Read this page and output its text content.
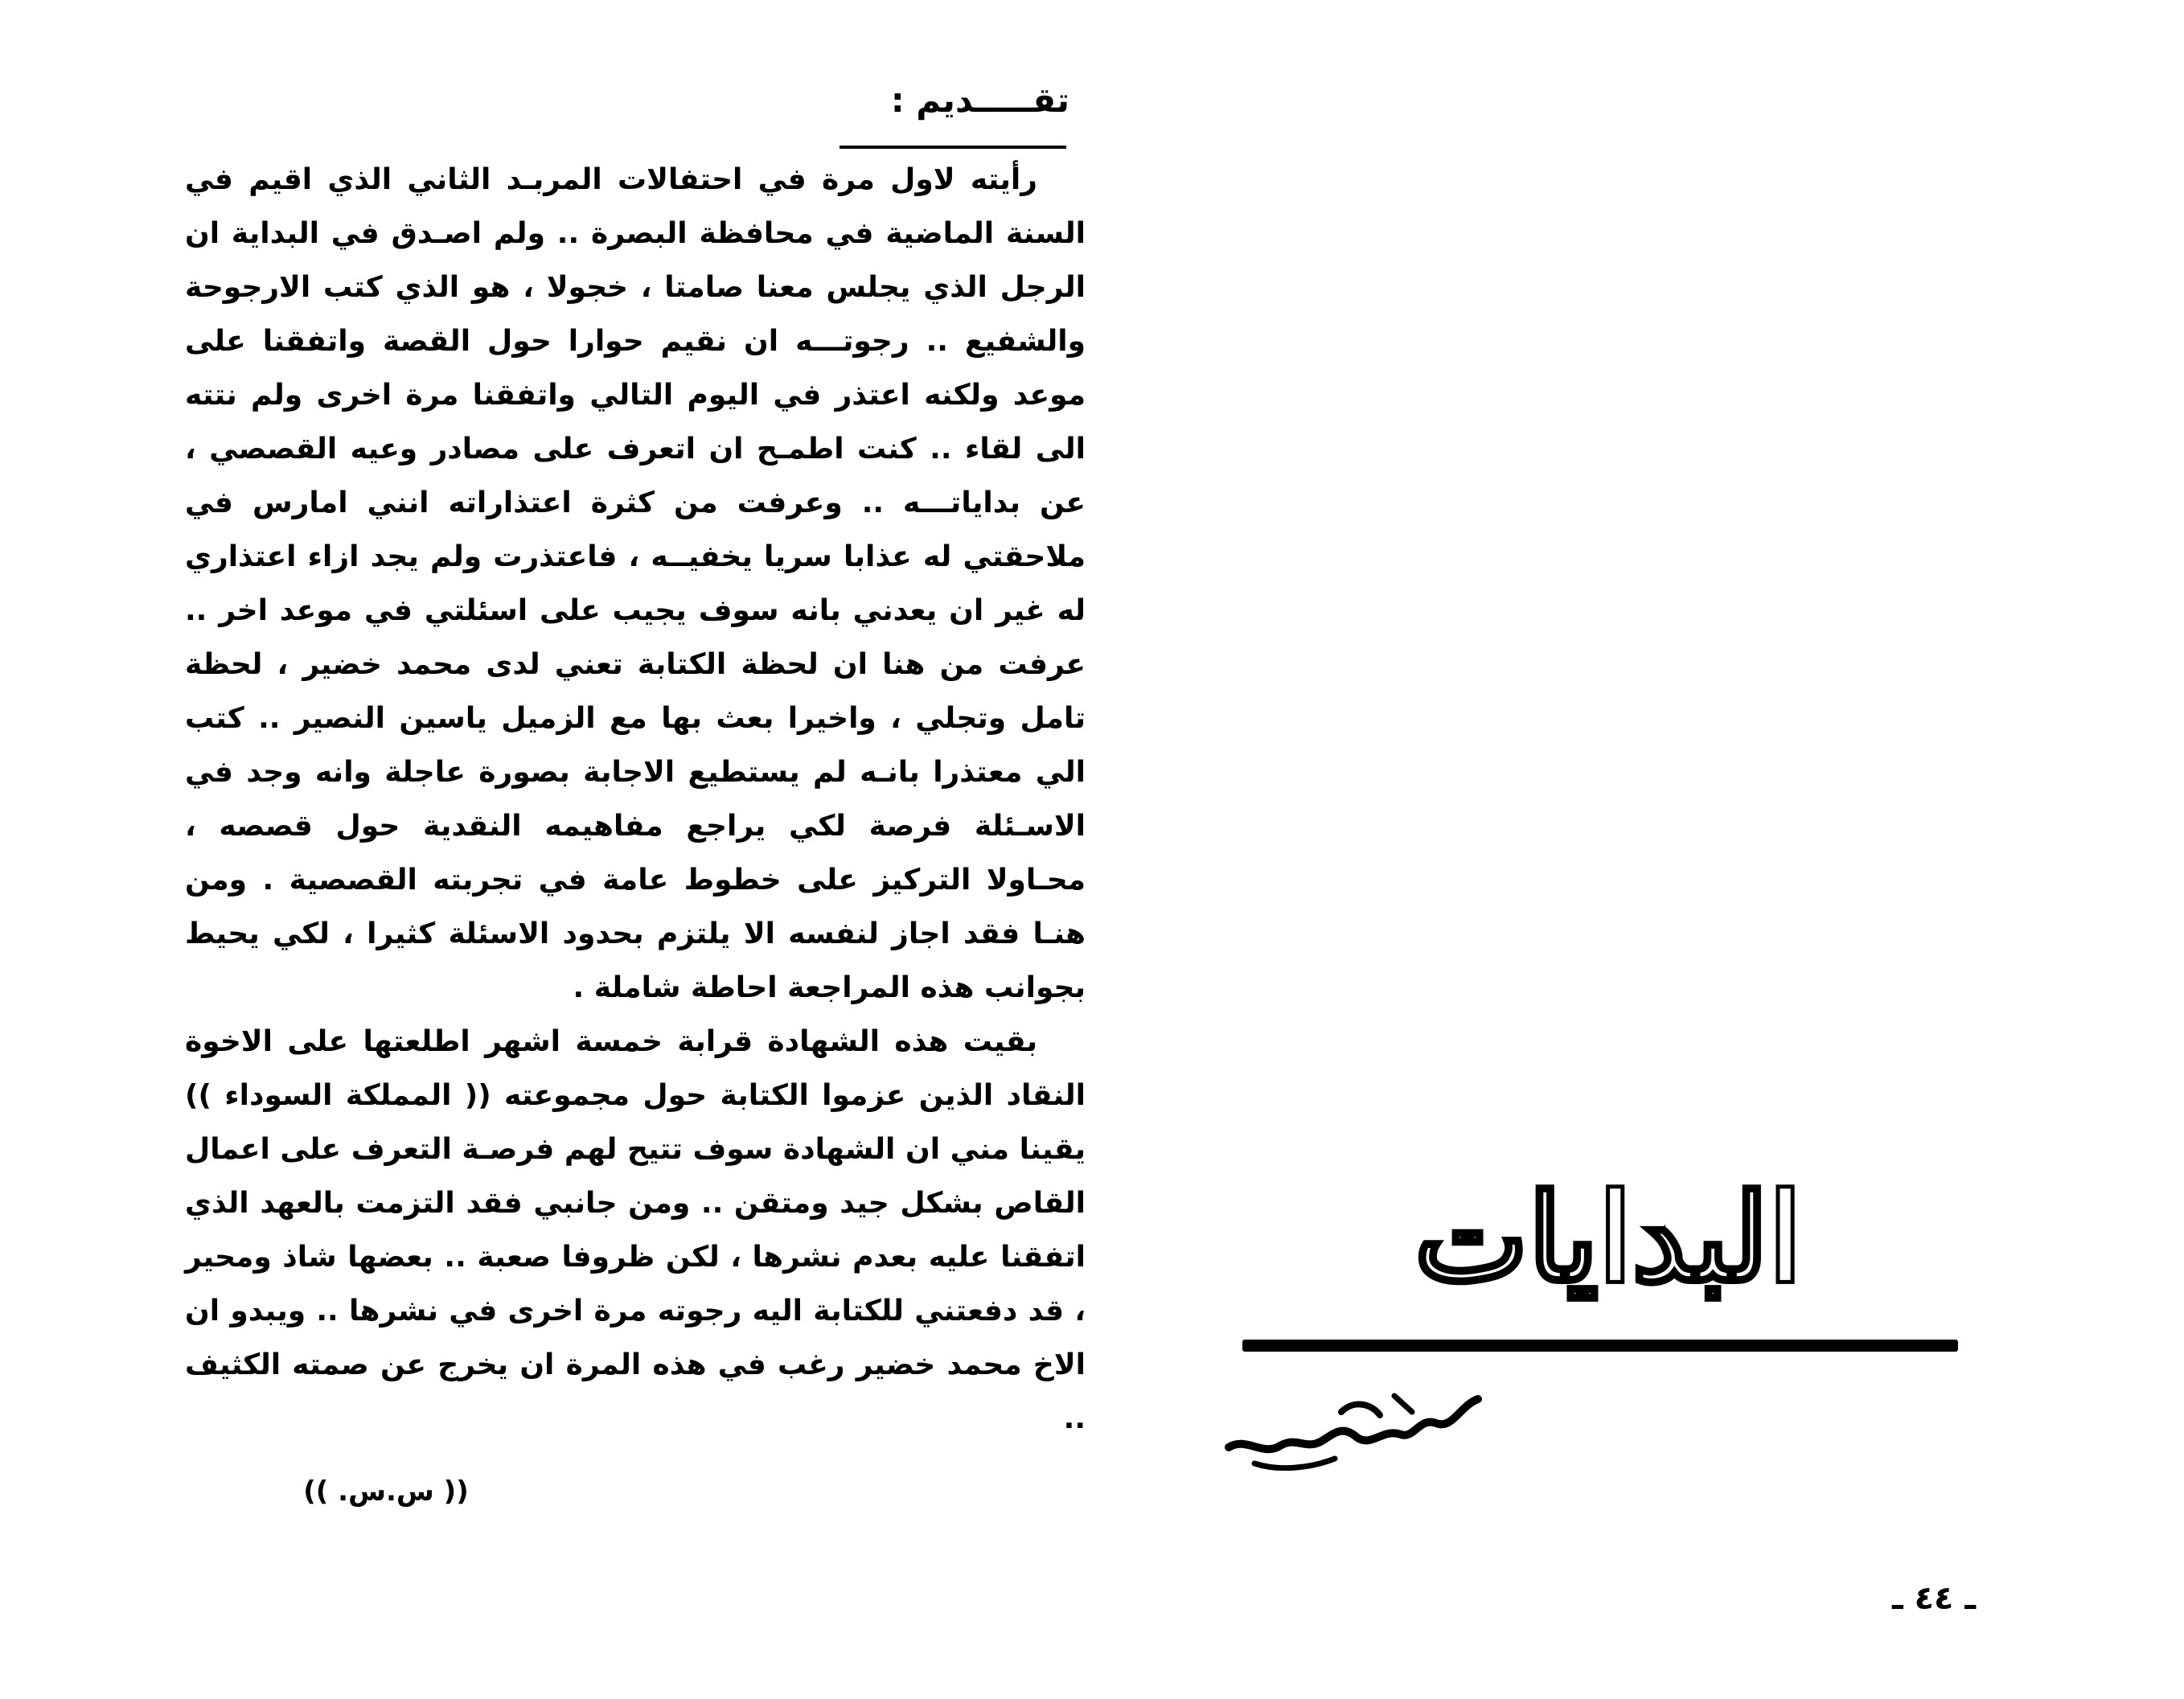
تقـــــديم :

رأيته لاول مرة في احتفالات المربـد الثاني الذي اقيم في السنة الماضية في محافظة البصرة .. ولم اصـدق في البداية ان الرجل الذي يجلس معنا صامتا ، خجولا ، هو الذي كتب الارجوحة والشفيع .. رجوتـــه ان نقيم حوارا حول القصة واتفقنا على موعد ولكنه اعتذر في اليوم التالي واتفقنا مرة اخرى ولم نتته الى لقاء .. كنت اطمـح ان اتعرف على مصادر وعيه القصصي ، عن بداياتـــه .. وعرفت من كثرة اعتذاراته انني امارس في ملاحقتي له عذابا سريا يخفيــه ، فاعتذرت ولم يجد ازاء اعتذاري له غير ان يعدني بانه سوف يجيب على اسئلتي في موعد اخر .. عرفت من هنا ان لحظة الكتابة تعني لدى محمد خضير ، لحظة تامل وتجلي ، واخيرا بعث بها مع الزميل ياسين النصير .. كتب الي معتذرا بانـه لم يستطيع الاجابة بصورة عاجلة وانه وجد في الاسـئلة فرصة لكي يراجع مفاهيمه النقدية حول قصصه ، محـاولا التركيز على خطوط عامة في تجربته القصصية . ومن هنـا فقد اجاز لنفسه الا يلتزم بحدود الاسئلة كثيرا ، لكي يحيط بجوانب هذه المراجعة احاطة شاملة .

بقيت هذه الشهادة قرابة خمسة اشهر اطلعتها على الاخوة النقاد الذين عزموا الكتابة حول مجموعته (( المملكة السوداء )) يقينا مني ان الشهادة سوف تتيح لهم فرصـة التعرف على اعمال القاص بشكل جيد ومتقن .. ومن جانبي فقد التزمت بالعهد الذي اتفقنا عليه بعدم نشرها ، لكن ظروفا صعبة .. بعضها شاذ ومحير ، قد دفعتني للكتابة اليه رجوته مرة اخرى في نشرها .. ويبدو ان الاخ محمد خضير رغب في هذه المرة ان يخرج عن صمته الكثيف ..

(( س.س. ))
البدايات
ـ ٤٤ ـ
